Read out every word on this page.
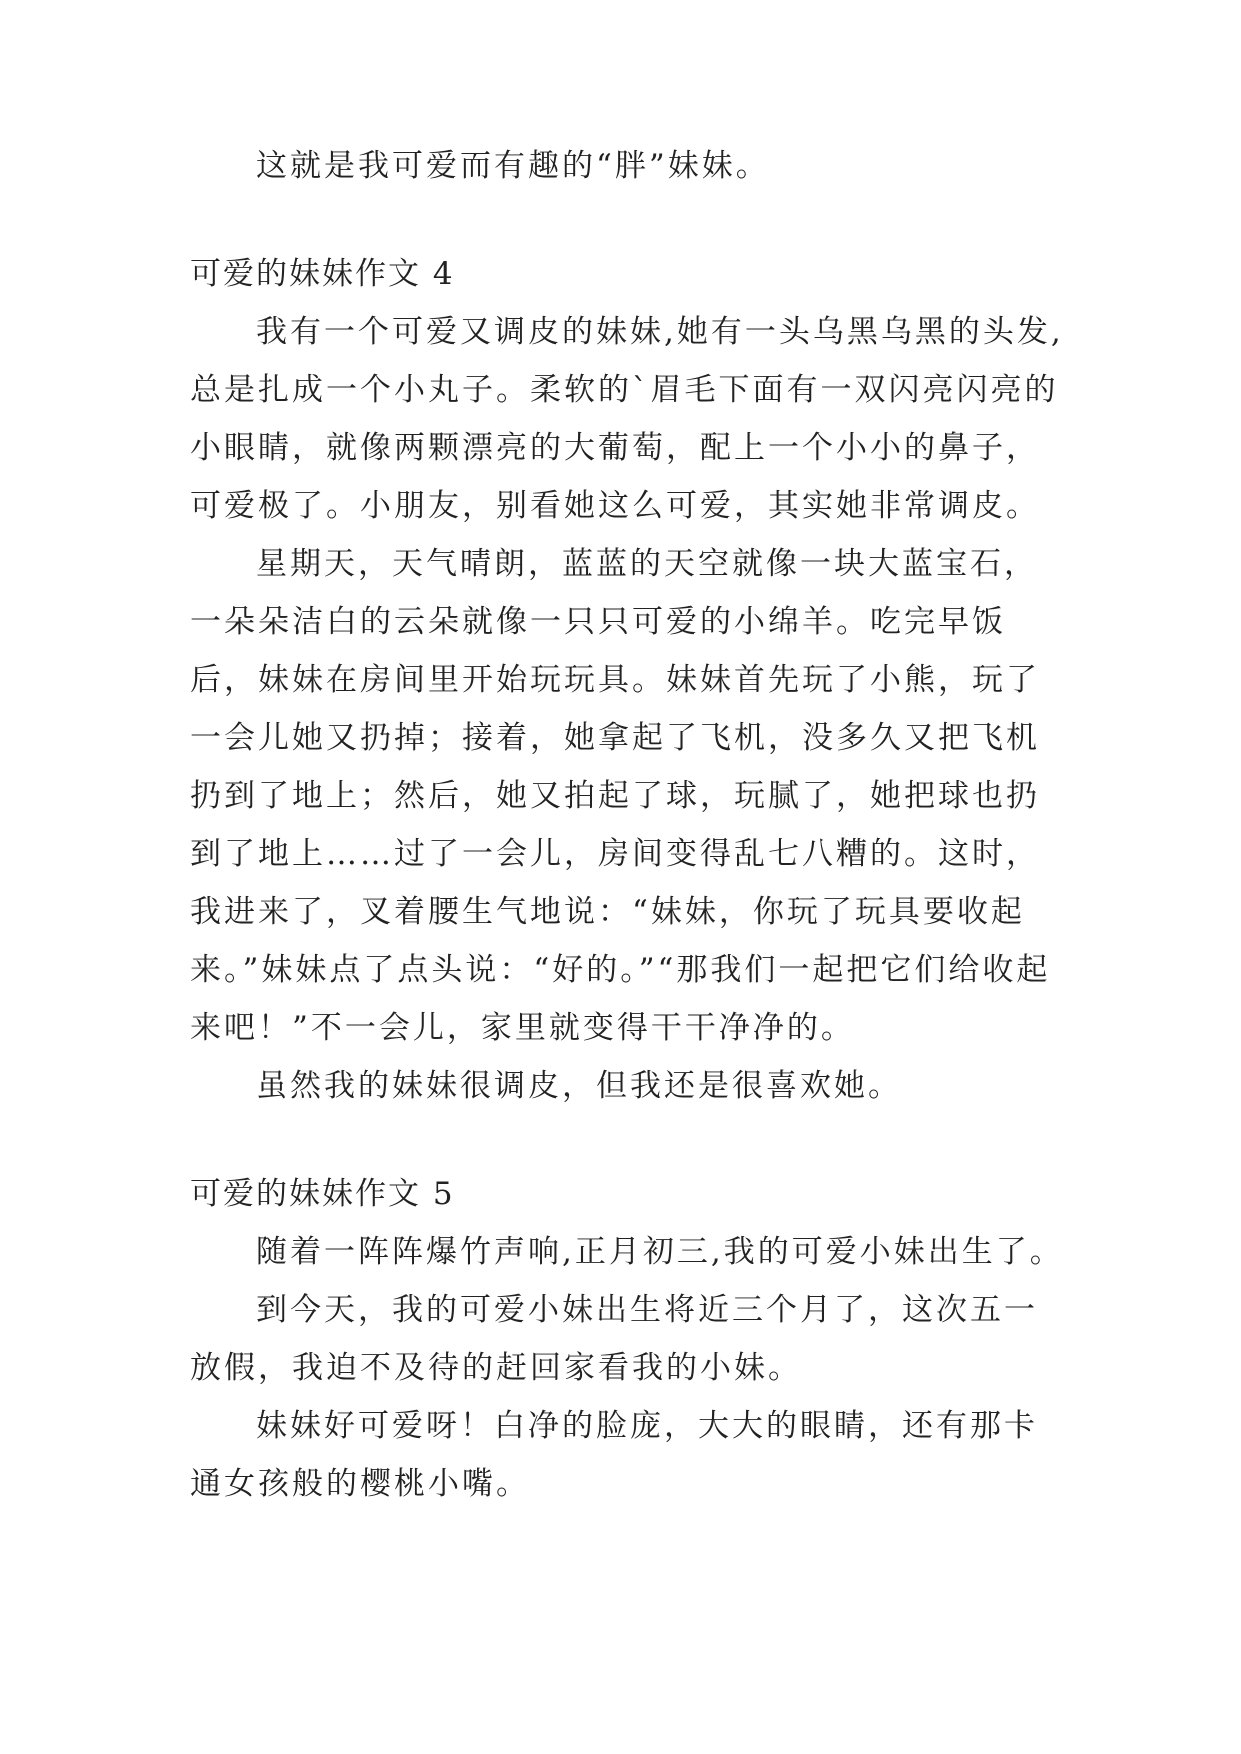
这就是我可爱而有趣的“胖”妹妹。

可爱的妹妹作文 4

我有一个可爱又调皮的妹妹,她有一头乌黑乌黑的头发,总是扎成一个小丸子。柔软的`眉毛下面有一双闪亮闪亮的小眼睛，就像两颗漂亮的大葡萄，配上一个小小的鼻子，可爱极了。小朋友，别看她这么可爱，其实她非常调皮。

星期天，天气晴朗，蓝蓝的天空就像一块大蓝宝石，一朵朵洁白的云朵就像一只只可爱的小绵羊。吃完早饭后，妹妹在房间里开始玩玩具。妹妹首先玩了小熊，玩了一会儿她又扔掉；接着，她拿起了飞机，没多久又把飞机扔到了地上；然后，她又拍起了球，玩腻了，她把球也扔到了地上……过了一会儿，房间变得乱七八糟的。这时，我进来了，叉着腰生气地说：“妹妹，你玩了玩具要收起来。”妹妹点了点头说：“好的。”“那我们一起把它们给收起来吧！”不一会儿，家里就变得干干净净的。

虽然我的妹妹很调皮，但我还是很喜欢她。

可爱的妹妹作文 5

随着一阵阵爆竹声响,正月初三,我的可爱小妹出生了。

到今天，我的可爱小妹出生将近三个月了，这次五一放假，我迫不及待的赶回家看我的小妹。

妹妹好可爱呀！白净的脸庞，大大的眼睛，还有那卡通女孩般的樱桃小嘴。
